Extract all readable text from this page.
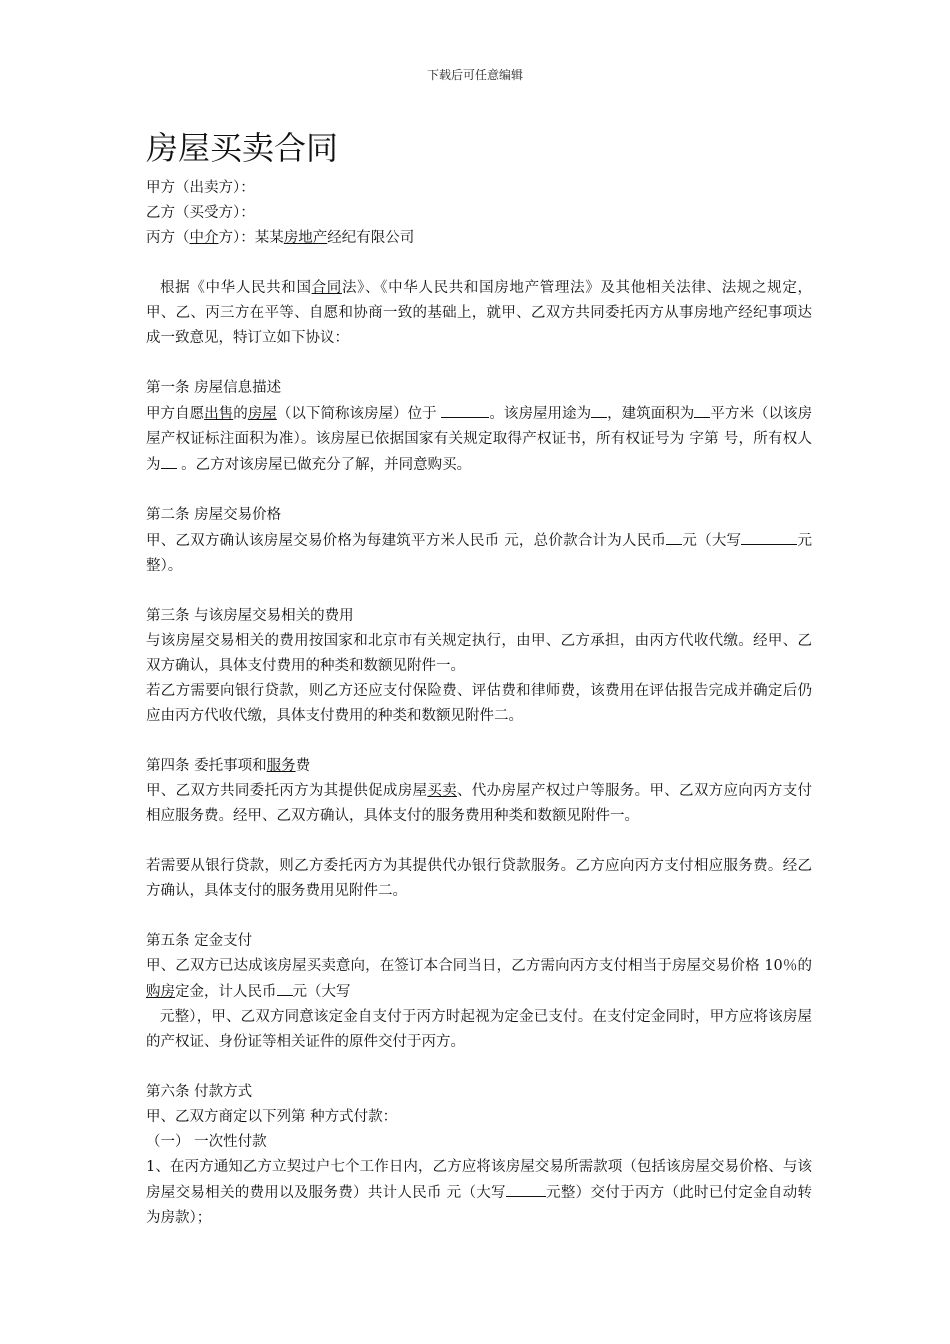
下载后可任意编辑
房屋买卖合同

甲方（出卖方）：

乙方（买受方）：

丙方（中介方）：某某房地产经纪有限公司

根据《中华人民共和国合同法》、《中华人民共和国房地产管理法》及其他相关法律、法规之规定，甲、乙、丙三方在平等、自愿和协商一致的基础上，就甲、乙双方共同委托丙方从事房地产经纪事项达成一致意见，特订立如下协议：

第一条 房屋信息描述

甲方自愿出售的房屋（以下简称该房屋）位于	。该房屋用途为 ，建筑面积为 平方米（以该房屋产权证标注面积为准）。该房屋已依据国家有关规定取得产权证书，所有权证号为 字第 号，所有权人为 。乙方对该房屋已做充分了解，并同意购买。

第二条 房屋交易价格

甲、乙双方确认该房屋交易价格为每建筑平方米人民币 元，总价款合计为人民币 元（大写	元整）。

第三条 与该房屋交易相关的费用

与该房屋交易相关的费用按国家和北京市有关规定执行，由甲、乙方承担，由丙方代收代缴。经甲、乙双方确认，具体支付费用的种类和数额见附件一。

若乙方需要向银行贷款，则乙方还应支付保险费、评估费和律师费，该费用在评估报告完成并确定后仍应由丙方代收代缴，具体支付费用的种类和数额见附件二。

第四条 委托事项和服务费

甲、乙双方共同委托丙方为其提供促成房屋买卖、代办房屋产权过户等服务。甲、乙双方应向丙方支付相应服务费。经甲、乙双方确认，具体支付的服务费用种类和数额见附件一。

若需要从银行贷款，则乙方委托丙方为其提供代办银行贷款服务。乙方应向丙方支付相应服务费。经乙方确认，具体支付的服务费用见附件二。

第五条 定金支付

甲、乙双方已达成该房屋买卖意向，在签订本合同当日，乙方需向丙方支付相当于房屋交易价格 10％的购房定金，计人民币 元（大写

元整），甲、乙双方同意该定金自支付于丙方时起视为定金已支付。在支付定金同时，甲方应将该房屋的产权证、身份证等相关证件的原件交付于丙方。

第六条 付款方式

甲、乙双方商定以下列第 种方式付款：

（一） 一次性付款

1、在丙方通知乙方立契过户七个工作日内，乙方应将该房屋交易所需款项（包括该房屋交易价格、与该房屋交易相关的费用以及服务费）共计人民币 元（大写	元整）交付于丙方（此时已付定金自动转为房款）；
